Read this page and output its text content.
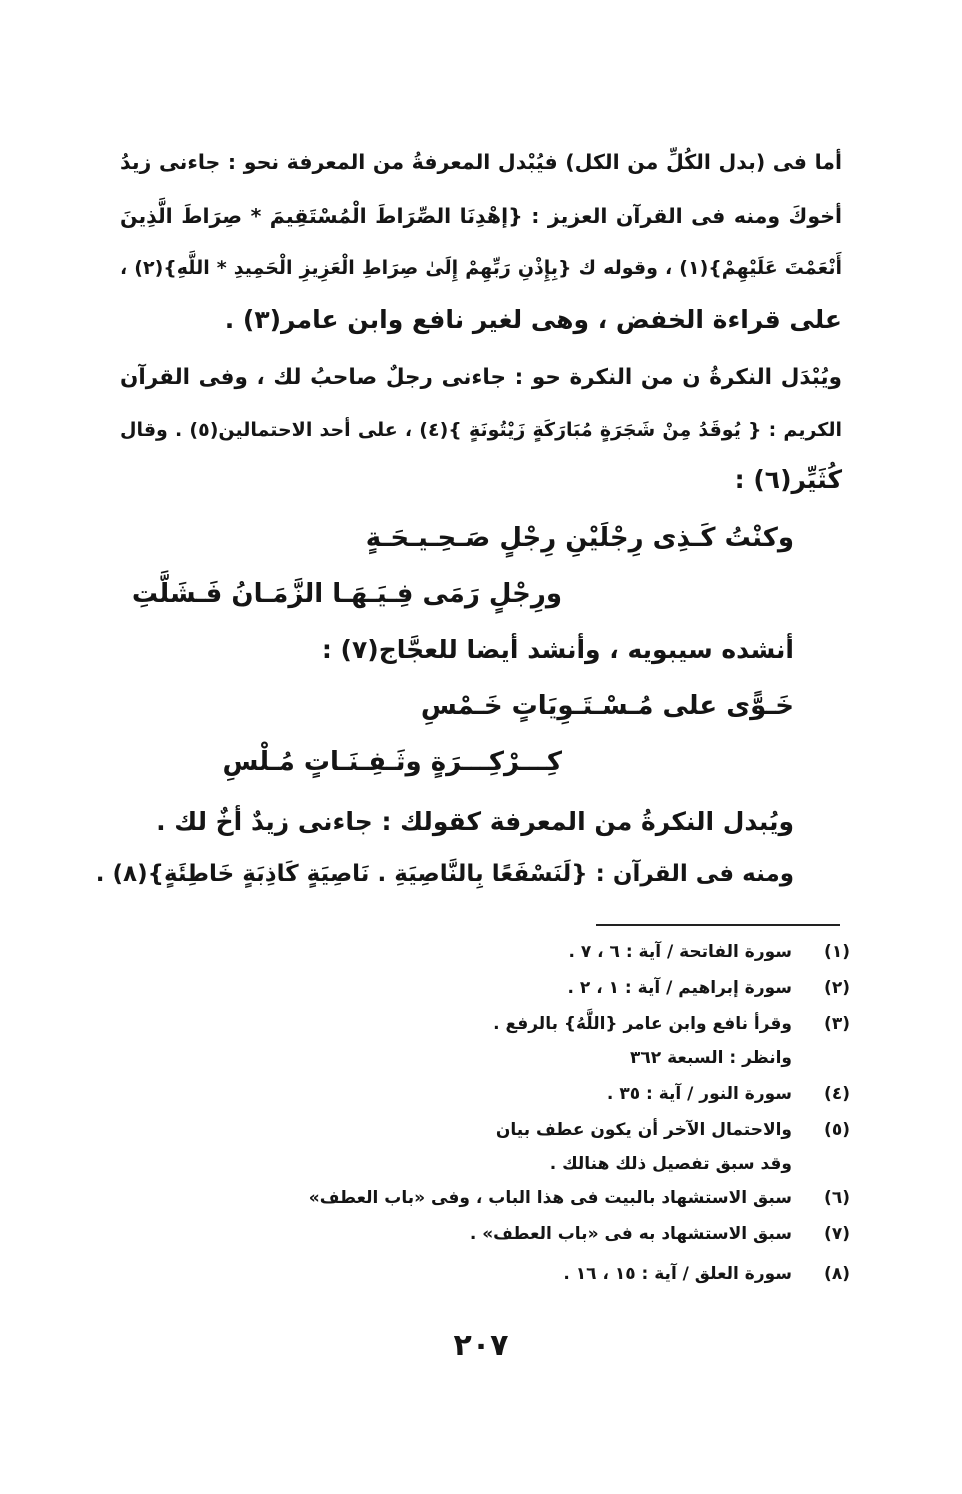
أما فى (بدل الكُلِّ من الكل) فيُبْدل المعرفةُ من المعرفة نحو : جاءنى زيدُ
أخوكَ ومنه فى القرآن العزيز : {إهْدِنَا الصِّرَاطَ الْمُسْتَقِيمَ * صِرَاطَ الَّذِينَ
أَنْعَمْتَ عَلَيْهِمْ}(١) ، وقوله ك {بِإِذْنِ رَبِّهِمْ إِلَىٰ صِرَاطِ الْعَزِيزِ الْحَمِيدِ * اللَّهِ}(٢) ،
على قراءة الخفض ، وهى لغير نافع وابن عامر(٣) .
ويُبْدَل النكرةُ ن من النكرة حو : جاءنى رجلٌ صاحبُ لك ، وفى القرآن
الكريم : { يُوقَدُ مِنْ شَجَرَةٍ مُبَارَكَةٍ زَيْتُونَةٍ }(٤) ، على أحد الاحتمالين(٥) . وقال
كُثَيِّر(٦) :
وكنْتُ كَـذِى رِجْلَيْنِ رِجْلٍ صَـحِـيـحَـةٍ
ورِجْلٍ رَمَى فِـيَـهَـا الزَّمَـانُ فَـشَلَّتِ
أنشده سيبويه ، وأنشد أيضا للعجَّاج(٧) :
خَـوًّى على مُـسْـتَـوِيَاتٍ خَـمْسِ
كِـــرْكِـــرَةٍ وثَـفِـنَـاتٍ مُـلْسِ
ويُبدل النكرةُ من المعرفة كقولك : جاءنى زيدٌ أخٌ لك .
ومنه فى القرآن : {لَنَسْفَعًا بِالنَّاصِيَةِ . نَاصِيَةٍ كَاذِبَةٍ خَاطِئَةٍ}(٨) .
(١)
سورة الفاتحة / آية : ٦ ، ٧ .
(٢)
سورة إبراهيم / آية : ١ ، ٢ .
(٣)
وقرأ نافع وابن عامر {اللَّهُ} بالرفع .
وانظر : السبعة ٣٦٢
(٤)
سورة النور / آية : ٣٥ .
(٥)
والاحتمال الآخر أن يكون عطف بيان
وقد سبق تفصيل ذلك هنالك .
(٦)
سبق الاستشهاد بالبيت فى هذا الباب ، وفى «باب العطف»
(٧)
سبق الاستشهاد به فى «باب العطف» .
(٨)
سورة العلق / آية : ١٥ ، ١٦ .
٢٠٧
